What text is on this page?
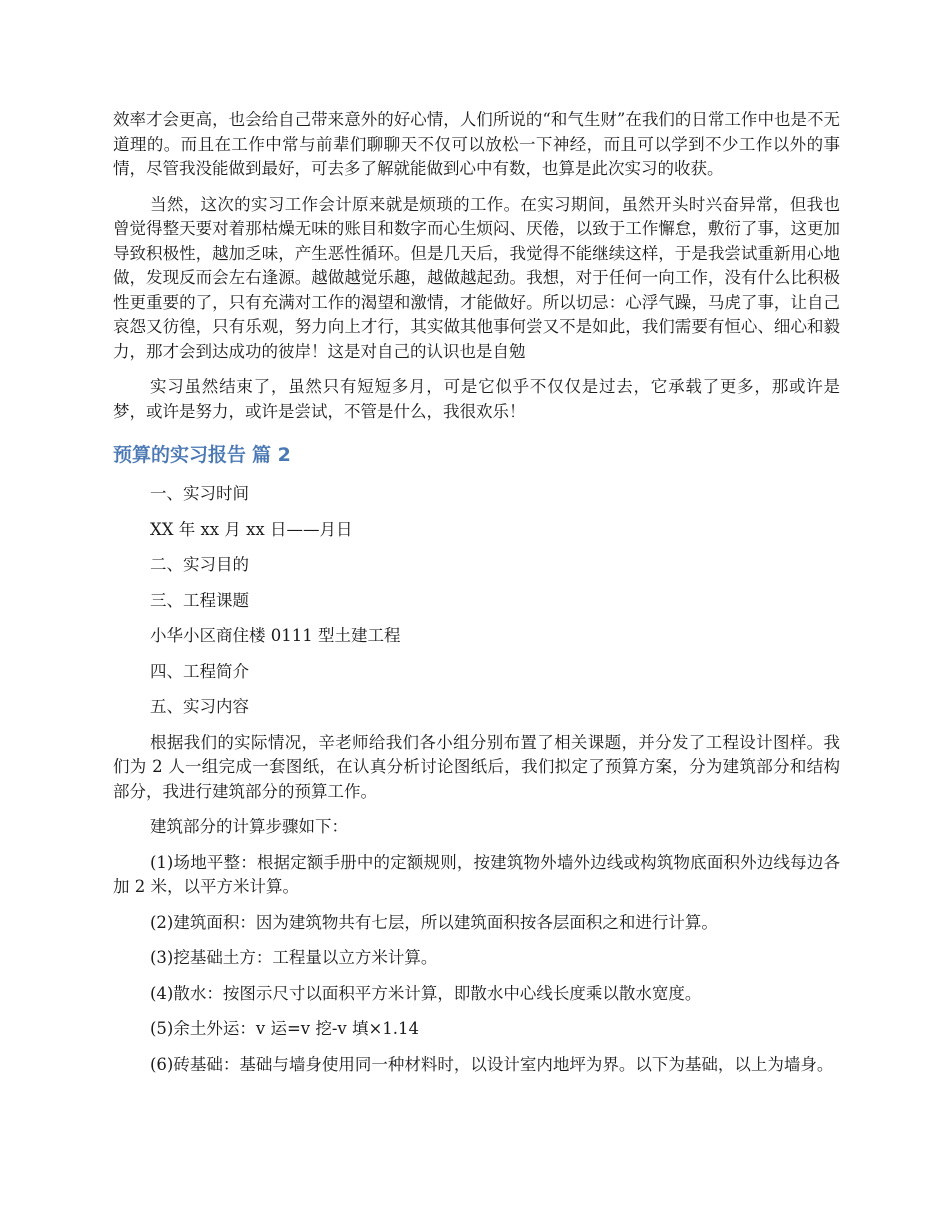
效率才会更高，也会给自己带来意外的好心情，人们所说的“和气生财”在我们的日常工作中也是不无道理的。而且在工作中常与前辈们聊聊天不仅可以放松一下神经，而且可以学到不少工作以外的事情，尽管我没能做到最好，可去多了解就能做到心中有数，也算是此次实习的收获。

当然，这次的实习工作会计原来就是烦琐的工作。在实习期间，虽然开头时兴奋异常，但我也曾觉得整天要对着那枯燥无味的账目和数字而心生烦闷、厌倦，以致于工作懈怠，敷衍了事，这更加导致积极性，越加乏味，产生恶性循环。但是几天后，我觉得不能继续这样，于是我尝试重新用心地做，发现反而会左右逢源。越做越觉乐趣，越做越起劲。我想，对于任何一向工作，没有什么比积极性更重要的了，只有充满对工作的渴望和激情，才能做好。所以切忌：心浮气躁，马虎了事，让自己哀怨又彷徨，只有乐观，努力向上才行，其实做其他事何尝又不是如此，我们需要有恒心、细心和毅力，那才会到达成功的彼岸！这是对自己的认识也是自勉

实习虽然结束了，虽然只有短短多月，可是它似乎不仅仅是过去，它承载了更多，那或许是梦，或许是努力，或许是尝试，不管是什么，我很欢乐！

预算的实习报告 篇 2

一、实习时间

XX 年 xx 月 xx 日——月日

二、实习目的

三、工程课题

小华小区商住楼 0111 型土建工程

四、工程简介

五、实习内容

根据我们的实际情况，辛老师给我们各小组分别布置了相关课题，并分发了工程设计图样。我们为 2 人一组完成一套图纸，在认真分析讨论图纸后，我们拟定了预算方案，分为建筑部分和结构部分，我进行建筑部分的预算工作。

建筑部分的计算步骤如下：

(1)场地平整：根据定额手册中的定额规则，按建筑物外墙外边线或构筑物底面积外边线每边各加 2 米，以平方米计算。

(2)建筑面积：因为建筑物共有七层，所以建筑面积按各层面积之和进行计算。

(3)挖基础土方：工程量以立方米计算。

(4)散水：按图示尺寸以面积平方米计算，即散水中心线长度乘以散水宽度。

(5)余土外运：v 运=v 挖-v 填×1.14

(6)砖基础：基础与墙身使用同一种材料时，以设计室内地坪为界。以下为基础，以上为墙身。
